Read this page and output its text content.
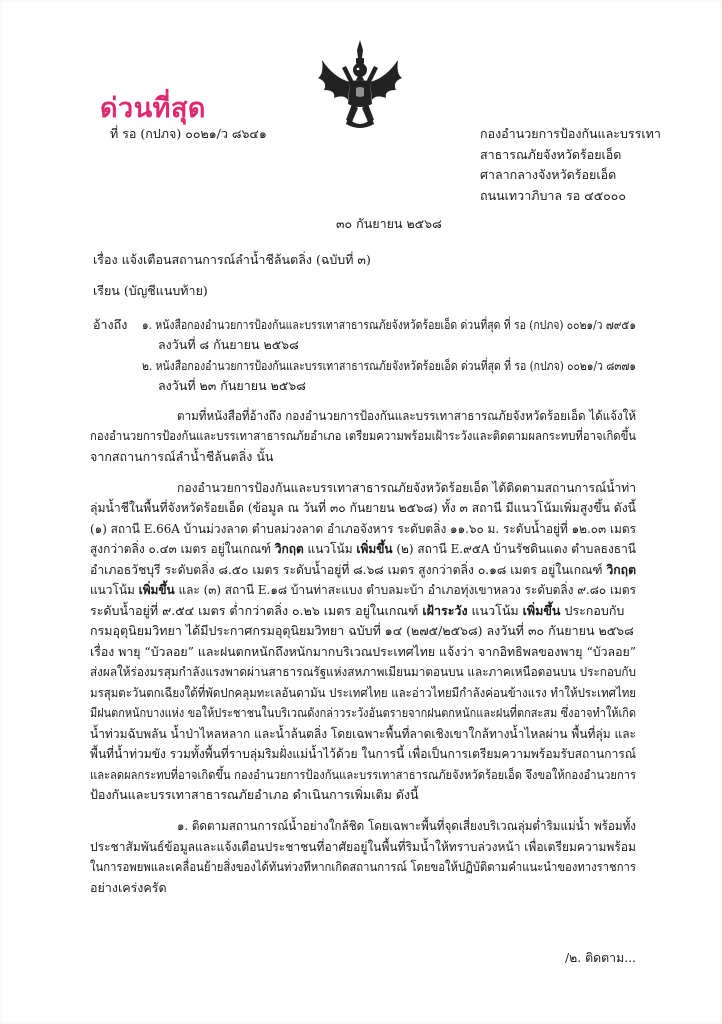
ด่วนที่สุด
ที่ รอ (กปภจ) ๐๐๒๑/ว ๘๖๔๑	กองอำนวยการป้องกันและบรรเทา
สาธารณภัยจังหวัดร้อยเอ็ด
ศาลากลางจังหวัดร้อยเอ็ด
ถนนเทวาภิบาล รอ ๔๕๐๐๐
๓๐ กันยายน ๒๕๖๘
เรื่อง แจ้งเตือนสถานการณ์ลำน้ำชีล้นตลิ่ง (ฉบับที่ ๓)
เรียน (บัญชีแนบท้าย)
อ้างถึง ๑. หนังสือกองอำนวยการป้องกันและบรรเทาสาธารณภัยจังหวัดร้อยเอ็ด ด่วนที่สุด ที่ รอ (กปภจ) ๐๐๒๑/ว ๗๙๕๑
ลงวันที่ ๘ กันยายน ๒๕๖๘
๒. หนังสือกองอำนวยการป้องกันและบรรเทาสาธารณภัยจังหวัดร้อยเอ็ด ด่วนที่สุด ที่ รอ (กปภจ) ๐๐๒๑/ว ๘๓๗๑
ลงวันที่ ๒๓ กันยายน ๒๕๖๘
ตามที่หนังสือที่อ้างถึง กองอำนวยการป้องกันและบรรเทาสาธารณภัยจังหวัดร้อยเอ็ด ได้แจ้งให้
กองอำนวยการป้องกันและบรรเทาสาธารณภัยอำเภอ เตรียมความพร้อมเฝ้าระวังและติดตามผลกระทบที่อาจเกิดขึ้น
จากสถานการณ์ลำน้ำชีล้นตลิ่ง นั้น
กองอำนวยการป้องกันและบรรเทาสาธารณภัยจังหวัดร้อยเอ็ด ได้ติดตามสถานการณ์น้ำท่า
ลุ่มน้ำชีในพื้นที่จังหวัดร้อยเอ็ด (ข้อมูล ณ วันที่ ๓๐ กันยายน ๒๕๖๘) ทั้ง ๓ สถานี มีแนวโน้มเพิ่มสูงขึ้น ดังนี้
(๑) สถานี E.66A บ้านม่วงลาด ตำบลม่วงลาด อำเภอจังหาร ระดับตลิ่ง ๑๑.๖๐ ม. ระดับน้ำอยู่ที่ ๑๒.๐๓ เมตร
สูงกว่าตลิ่ง ๐.๔๓ เมตร อยู่ในเกณฑ์ วิกฤต แนวโน้ม เพิ่มขึ้น (๒) สถานี E.๙๕A บ้านรัชดินแดง ตำบลธงธานี
อำเภอธวัชบุรี ระดับตลิ่ง ๘.๕๐ เมตร ระดับน้ำอยู่ที่ ๘.๖๘ เมตร สูงกว่าตลิ่ง ๐.๑๘ เมตร อยู่ในเกณฑ์ วิกฤต
แนวโน้ม เพิ่มขึ้น และ (๓) สถานี E.๑๘ บ้านท่าสะแบง ตำบลมะบ้า อำเภอทุ่งเขาหลวง ระดับตลิ่ง ๙.๘๐ เมตร
ระดับน้ำอยู่ที่ ๙.๕๔ เมตร ต่ำกว่าตลิ่ง ๐.๒๖ เมตร อยู่ในเกณฑ์ เฝ้าระวัง แนวโน้ม เพิ่มขึ้น ประกอบกับ
กรมอุตุนิยมวิทยา ได้มีประกาศกรมอุตุนิยมวิทยา ฉบับที่ ๑๔ (๒๗๕/๒๕๖๘) ลงวันที่ ๓๐ กันยายน ๒๕๖๘
เรื่อง พายุ “บัวลอย” และฝนตกหนักถึงหนักมากบริเวณประเทศไทย แจ้งว่า จากอิทธิพลของพายุ “บัวลอย”
ส่งผลให้ร่องมรสุมกำลังแรงพาดผ่านสาธารณรัฐแห่งสหภาพเมียนมาตอนบน และภาคเหนือตอนบน ประกอบกับ
มรสุมตะวันตกเฉียงใต้ที่พัดปกคลุมทะเลอันดามัน ประเทศไทย และอ่าวไทยมีกำลังค่อนข้างแรง ทำให้ประเทศไทย
มีฝนตกหนักบางแห่ง ขอให้ประชาชนในบริเวณดังกล่าวระวังอันตรายจากฝนตกหนักและฝนที่ตกสะสม ซึ่งอาจทำให้เกิด
น้ำท่วมฉับพลัน น้ำป่าไหลหลาก และน้ำล้นตลิ่ง โดยเฉพาะพื้นที่ลาดเชิงเขาใกล้ทางน้ำไหลผ่าน พื้นที่ลุ่ม และ
พื้นที่น้ำท่วมขัง รวมทั้งพื้นที่ราบลุ่มริมฝั่งแม่น้ำไว้ด้วย ในการนี้ เพื่อเป็นการเตรียมความพร้อมรับสถานการณ์
และลดผลกระทบที่อาจเกิดขึ้น กองอำนวยการป้องกันและบรรเทาสาธารณภัยจังหวัดร้อยเอ็ด จึงขอให้กองอำนวยการ
ป้องกันและบรรเทาสาธารณภัยอำเภอ ดำเนินการเพิ่มเติม ดังนี้
๑. ติดตามสถานการณ์น้ำอย่างใกล้ชิด โดยเฉพาะพื้นที่จุดเสี่ยงบริเวณลุ่มต่ำริมแม่น้ำ พร้อมทั้ง
ประชาสัมพันธ์ข้อมูลและแจ้งเตือนประชาชนที่อาศัยอยู่ในพื้นที่ริมน้ำให้ทราบล่วงหน้า เพื่อเตรียมความพร้อม
ในการอพยพและเคลื่อนย้ายสิ่งของได้ทันท่วงทีหากเกิดสถานการณ์ โดยขอให้ปฏิบัติตามคำแนะนำของทางราชการ
อย่างเคร่งครัด
/๒. ติดตาม...
